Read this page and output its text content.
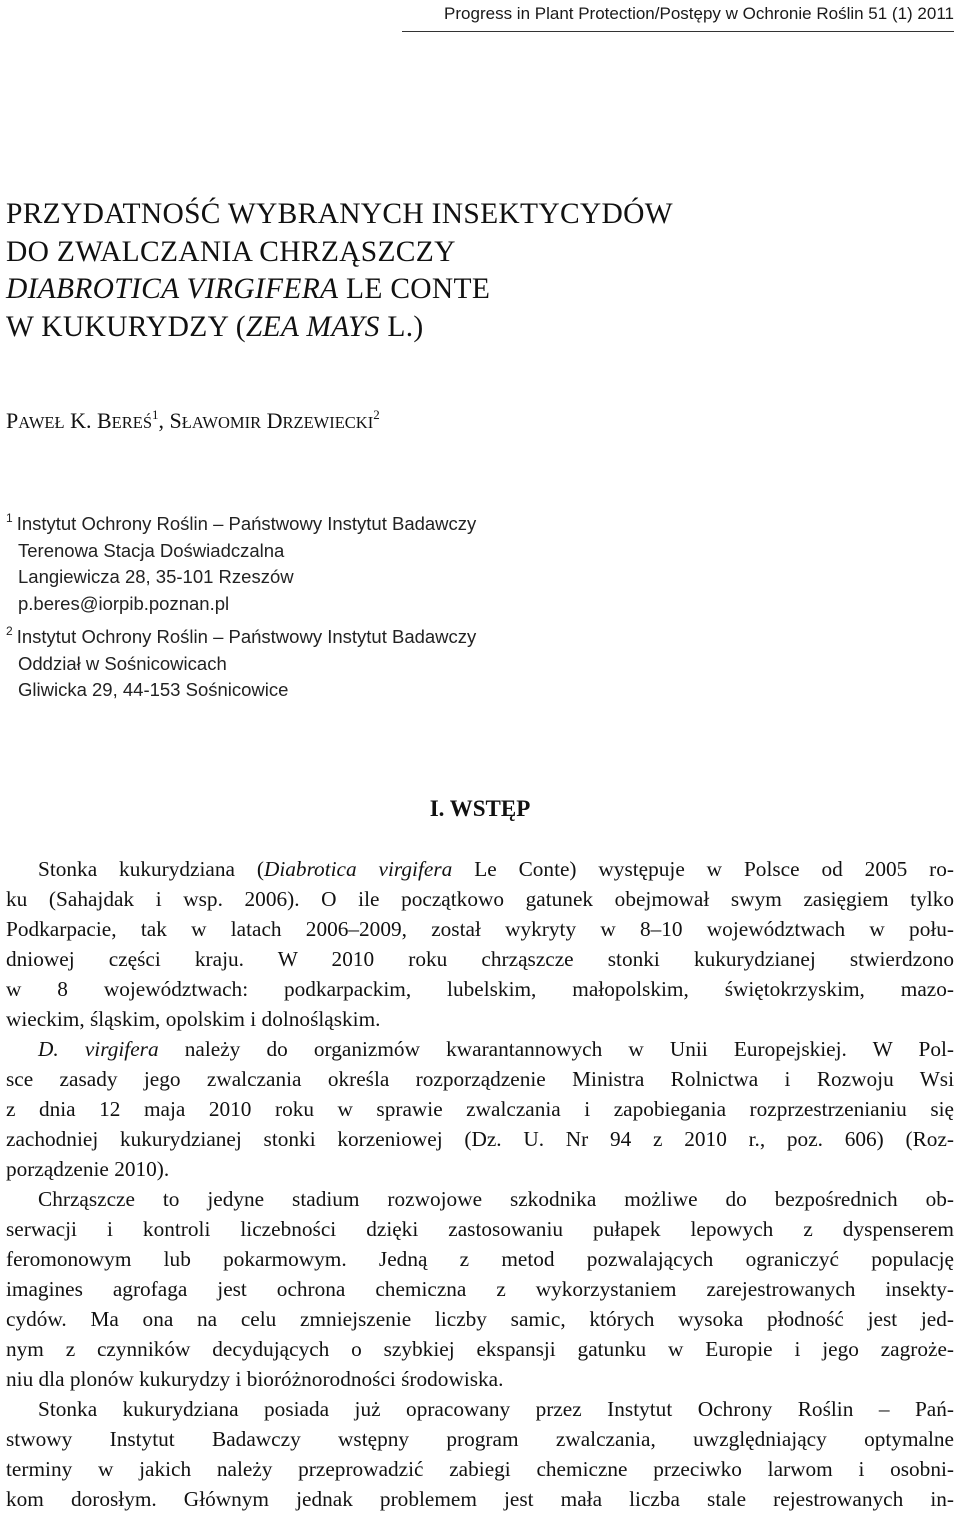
Progress in Plant Protection/Postępy w Ochronie Roślin 51 (1) 2011
PRZYDATNOŚĆ WYBRANYCH INSEKTYCYDÓW
DO ZWALCZANIA CHRZĄSZCZY
DIABROTICA VIRGIFERA LE CONTE
W KUKURYDZY (ZEA MAYS L.)
PAWEŁ K. BEREŚ$^1$, SŁAWOMIR DRZEWIECKI$^2$
$^1$ Instytut Ochrony Roślin – Państwowy Instytut Badawczy
Terenowa Stacja Doświadczalna
Langiewicza 28, 35-101 Rzeszów
p.beres@iorpib.poznan.pl
$^2$ Instytut Ochrony Roślin – Państwowy Instytut Badawczy
Oddział w Sośnicowicach
Gliwicka 29, 44-153 Sośnicowice
I. WSTĘP
Stonka kukurydziana (Diabrotica virgifera Le Conte) występuje w Polsce od 2005 ro-
ku (Sahajdak i wsp. 2006). O ile początkowo gatunek obejmował swym zasięgiem tylko
Podkarpacie, tak w latach 2006–2009, został wykryty w 8–10 województwach w połu-
dniowej części kraju. W 2010 roku chrząszcze stonki kukurydzianej stwierdzono
w 8 województwach: podkarpackim, lubelskim, małopolskim, świętokrzyskim, mazo-
wieckim, śląskim, opolskim i dolnośląskim.
D. virgifera należy do organizmów kwarantannowych w Unii Europejskiej. W Pol-
sce zasady jego zwalczania określa rozporządzenie Ministra Rolnictwa i Rozwoju Wsi
z dnia 12 maja 2010 roku w sprawie zwalczania i zapobiegania rozprzestrzenianiu się
zachodniej kukurydzianej stonki korzeniowej (Dz. U. Nr 94 z 2010 r., poz. 606) (Roz-
porządzenie 2010).
Chrząszcze to jedyne stadium rozwojowe szkodnika możliwe do bezpośrednich ob-
serwacji i kontroli liczebności dzięki zastosowaniu pułapek lepowych z dyspenserem
feromonowym lub pokarmowym. Jedną z metod pozwalających ograniczyć populację
imagines agrofaga jest ochrona chemiczna z wykorzystaniem zarejestrowanych insekty-
cydów. Ma ona na celu zmniejszenie liczby samic, których wysoka płodność jest jed-
nym z czynników decydujących o szybkiej ekspansji gatunku w Europie i jego zagroże-
niu dla plonów kukurydzy i bioróżnorodności środowiska.
Stonka kukurydziana posiada już opracowany przez Instytut Ochrony Roślin – Pań-
stwowy Instytut Badawczy wstępny program zwalczania, uwzględniający optymalne
terminy w jakich należy przeprowadzić zabiegi chemiczne przeciwko larwom i osobni-
kom dorosłym. Głównym jednak problemem jest mała liczba stale rejestrowanych in-
